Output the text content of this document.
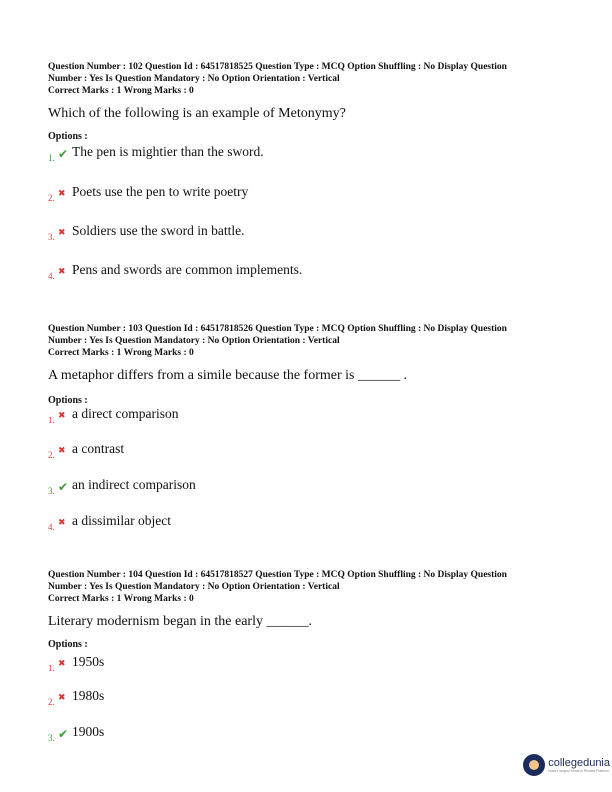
Question Number : 102 Question Id : 64517818525 Question Type : MCQ Option Shuffling : No Display Question
Number : Yes Is Question Mandatory : No Option Orientation : Vertical
Correct Marks : 1 Wrong Marks : 0
Which of the following is an example of Metonymy?
Options :
1. ✔ The pen is mightier than the sword.
2. ✖ Poets use the pen to write poetry
3. ✖ Soldiers use the sword in battle.
4. ✖ Pens and swords are common implements.
Question Number : 103 Question Id : 64517818526 Question Type : MCQ Option Shuffling : No Display Question
Number : Yes Is Question Mandatory : No Option Orientation : Vertical
Correct Marks : 1 Wrong Marks : 0
A metaphor differs from a simile because the former is ______ .
Options :
1. ✖ a direct comparison
2. ✖ a contrast
3. ✔ an indirect comparison
4. ✖ a dissimilar object
Question Number : 104 Question Id : 64517818527 Question Type : MCQ Option Shuffling : No Display Question
Number : Yes Is Question Mandatory : No Option Orientation : Vertical
Correct Marks : 1 Wrong Marks : 0
Literary modernism began in the early ______.
Options :
1. ✖ 1950s
2. ✖ 1980s
3. ✔ 1900s
collegedunia
India's largest Student Review Platform
